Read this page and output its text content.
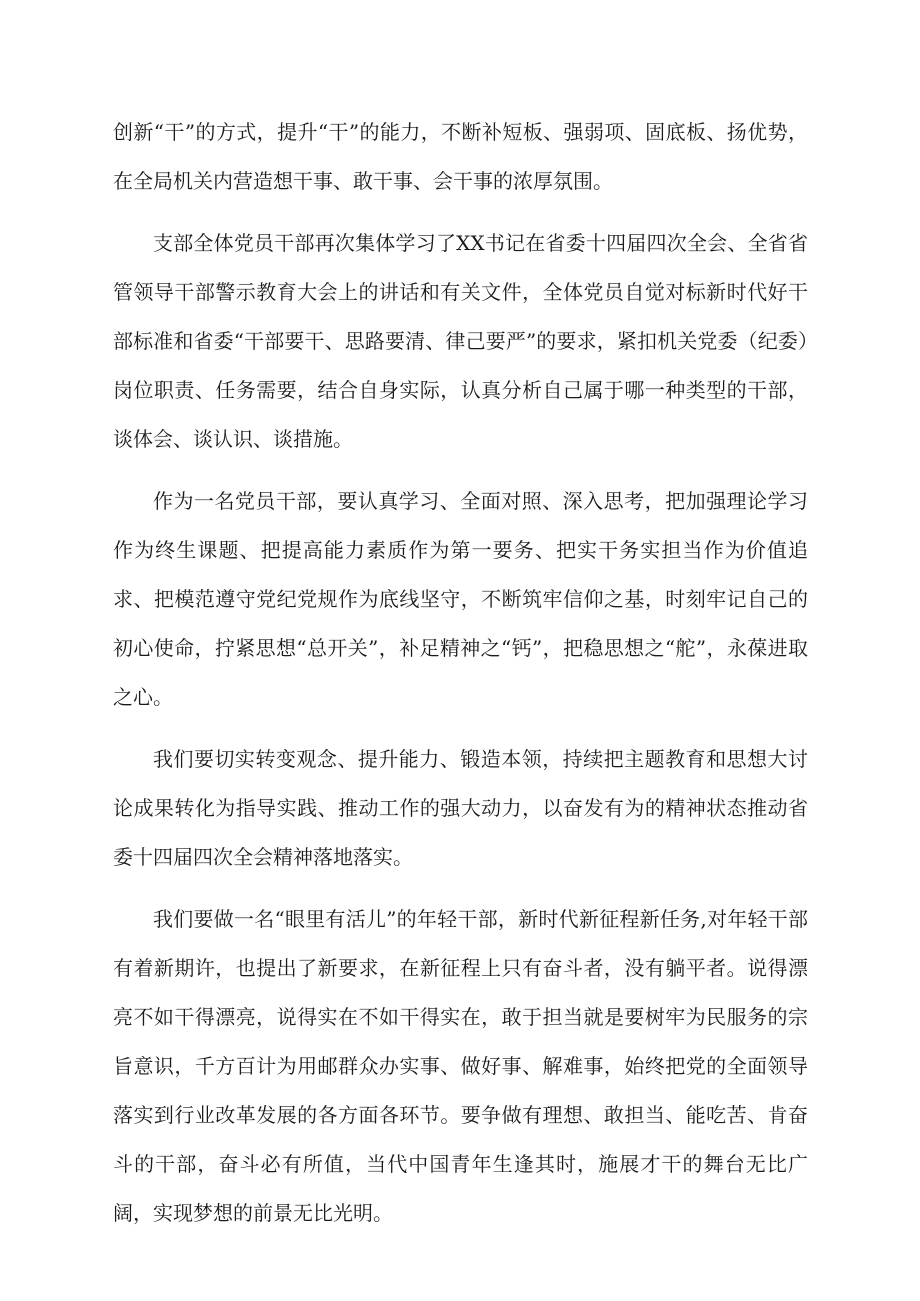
创新“干”的方式，提升“干”的能力，不断补短板、强弱项、固底板、扬优势，在全局机关内营造想干事、敢干事、会干事的浓厚氛围。

支部全体党员干部再次集体学习了XX书记在省委十四届四次全会、全省省管领导干部警示教育大会上的讲话和有关文件，全体党员自觉对标新时代好干部标准和省委“干部要干、思路要清、律己要严”的要求，紧扣机关党委（纪委）岗位职责、任务需要，结合自身实际，认真分析自己属于哪一种类型的干部，谈体会、谈认识、谈措施。

作为一名党员干部，要认真学习、全面对照、深入思考，把加强理论学习作为终生课题、把提高能力素质作为第一要务、把实干务实担当作为价值追求、把模范遵守党纪党规作为底线坚守，不断筑牢信仰之基，时刻牢记自己的初心使命，拧紧思想“总开关”，补足精神之“钙”，把稳思想之“舵”，永葆进取之心。

我们要切实转变观念、提升能力、锻造本领，持续把主题教育和思想大讨论成果转化为指导实践、推动工作的强大动力，以奋发有为的精神状态推动省委十四届四次全会精神落地落实。

我们要做一名“眼里有活儿”的年轻干部，新时代新征程新任务,对年轻干部有着新期许，也提出了新要求，在新征程上只有奋斗者，没有躺平者。说得漂亮不如干得漂亮，说得实在不如干得实在，敢于担当就是要树牢为民服务的宗旨意识，千方百计为用邮群众办实事、做好事、解难事，始终把党的全面领导落实到行业改革发展的各方面各环节。要争做有理想、敢担当、能吃苦、肯奋斗的干部，奋斗必有所值，当代中国青年生逢其时，施展才干的舞台无比广阔，实现梦想的前景无比光明。
